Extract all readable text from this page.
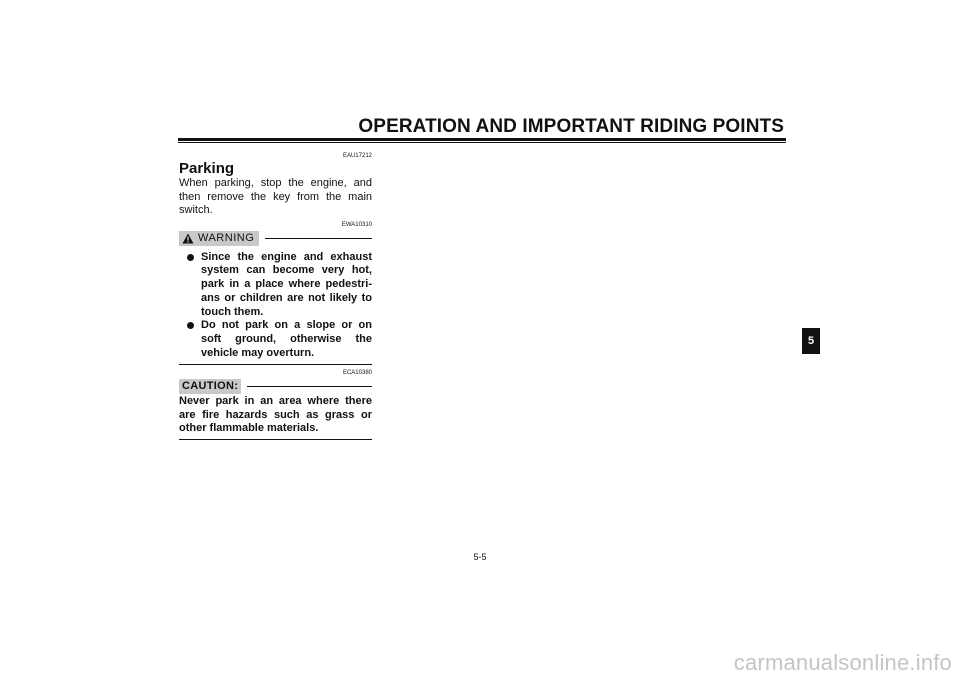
OPERATION AND IMPORTANT RIDING POINTS
EAU17212
Parking
When parking, stop the engine, and then remove the key from the main switch.
EWA10310
WARNING
Since the engine and exhaust system can become very hot, park in a place where pedestri-ans or children are not likely to touch them.
Do not park on a slope or on soft ground, otherwise the vehicle may overturn.
ECA10380
CAUTION:
Never park in an area where there are fire hazards such as grass or other flammable materials.
5-5
5
carmanualsonline.info
